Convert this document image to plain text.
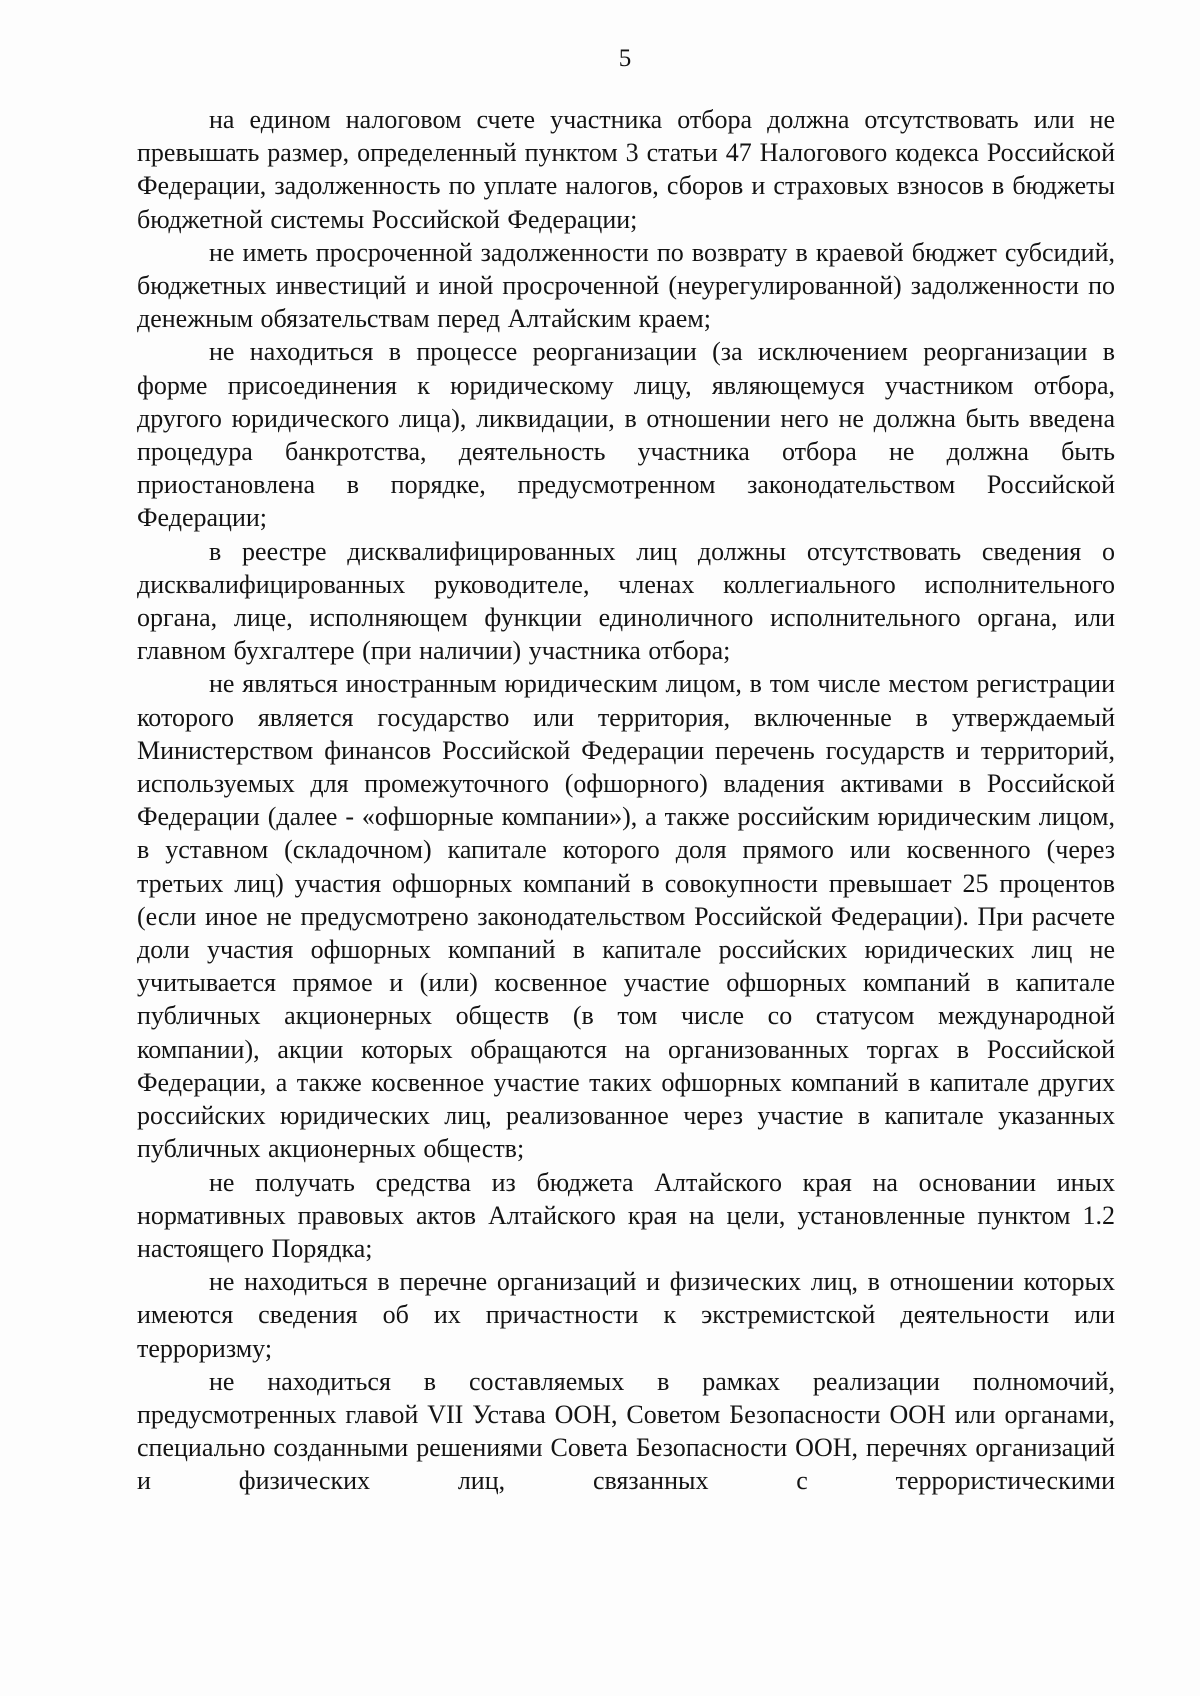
5

на едином налоговом счете участника отбора должна отсутствовать или не превышать размер, определенный пунктом 3 статьи 47 Налогового кодекса Российской Федерации, задолженность по уплате налогов, сборов и страховых взносов в бюджеты бюджетной системы Российской Федерации;

не иметь просроченной задолженности по возврату в краевой бюджет субсидий, бюджетных инвестиций и иной просроченной (неурегулированной) задолженности по денежным обязательствам перед Алтайским краем;

не находиться в процессе реорганизации (за исключением реорганизации в форме присоединения к юридическому лицу, являющемуся участником отбора, другого юридического лица), ликвидации, в отношении него не должна быть введена процедура банкротства, деятельность участника отбора не должна быть приостановлена в порядке, предусмотренном законодательством Российской Федерации;

в реестре дисквалифицированных лиц должны отсутствовать сведения о дисквалифицированных руководителе, членах коллегиального исполнительного органа, лице, исполняющем функции единоличного исполнительного органа, или главном бухгалтере (при наличии) участника отбора;

не являться иностранным юридическим лицом, в том числе местом регистрации которого является государство или территория, включенные в утверждаемый Министерством финансов Российской Федерации перечень государств и территорий, используемых для промежуточного (офшорного) владения активами в Российской Федерации (далее - «офшорные компании»), а также российским юридическим лицом, в уставном (складочном) капитале которого доля прямого или косвенного (через третьих лиц) участия офшорных компаний в совокупности превышает 25 процентов (если иное не предусмотрено законодательством Российской Федерации). При расчете доли участия офшорных компаний в капитале российских юридических лиц не учитывается прямое и (или) косвенное участие офшорных компаний в капитале публичных акционерных обществ (в том числе со статусом международной компании), акции которых обращаются на организованных торгах в Российской Федерации, а также косвенное участие таких офшорных компаний в капитале других российских юридических лиц, реализованное через участие в капитале указанных публичных акционерных обществ;

не получать средства из бюджета Алтайского края на основании иных нормативных правовых актов Алтайского края на цели, установленные пунктом 1.2 настоящего Порядка;

не находиться в перечне организаций и физических лиц, в отношении которых имеются сведения об их причастности к экстремистской деятельности или терроризму;

не находиться в составляемых в рамках реализации полномочий, предусмотренных главой VII Устава ООН, Советом Безопасности ООН или органами, специально созданными решениями Совета Безопасности ООН, перечнях организаций и физических лиц, связанных с террористическими
